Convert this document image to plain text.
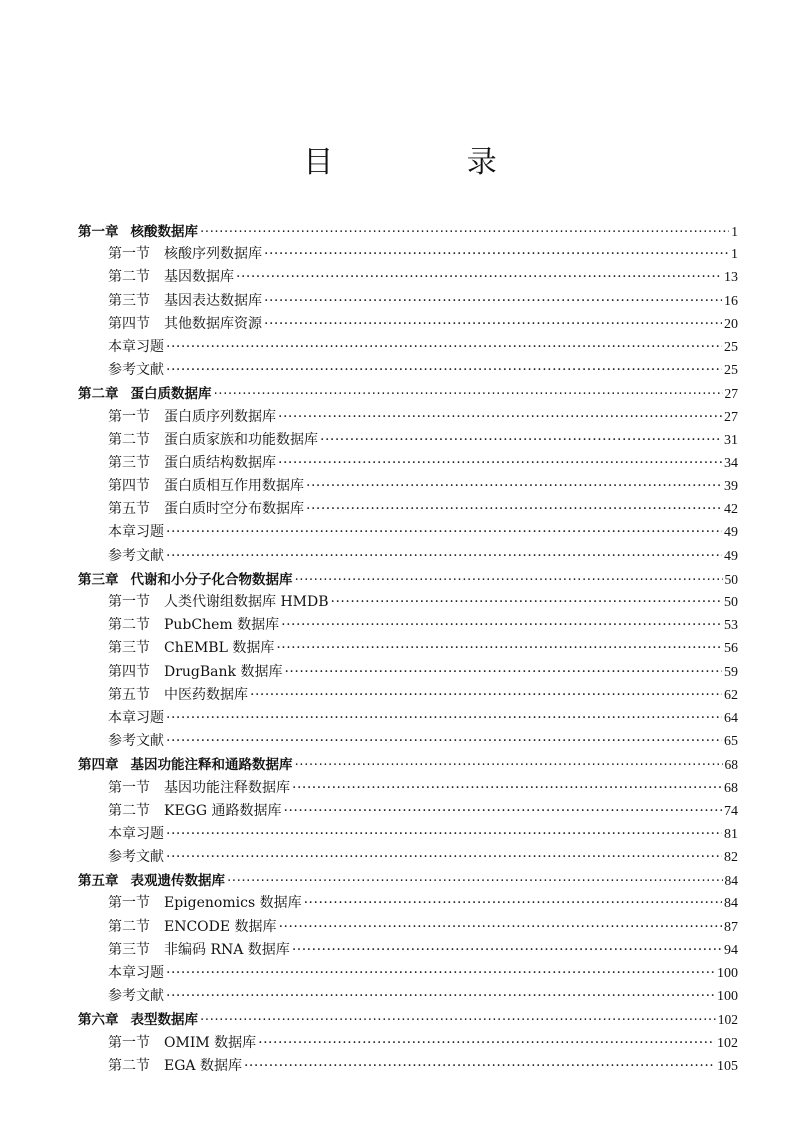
目 录
第一章 核酸数据库 ·····	1
第一节 核酸序列数据库 ·····	1
第二节 基因数据库 ·····	13
第三节 基因表达数据库 ·····	16
第四节 其他数据库资源 ·····	20
本章习题 ·····	25
参考文献 ·····	25
第二章 蛋白质数据库 ·····	27
第一节 蛋白质序列数据库 ·····	27
第二节 蛋白质家族和功能数据库 ·····	31
第三节 蛋白质结构数据库 ·····	34
第四节 蛋白质相互作用数据库 ·····	39
第五节 蛋白质时空分布数据库 ·····	42
本章习题 ·····	49
参考文献 ·····	49
第三章 代谢和小分子化合物数据库 ·····	50
第一节 人类代谢组数据库 HMDB ·····	50
第二节 PubChem 数据库 ·····	53
第三节 ChEMBL 数据库 ·····	56
第四节 DrugBank 数据库 ·····	59
第五节 中医药数据库 ·····	62
本章习题 ·····	64
参考文献 ·····	65
第四章 基因功能注释和通路数据库 ·····	68
第一节 基因功能注释数据库 ·····	68
第二节 KEGG 通路数据库 ·····	74
本章习题 ·····	81
参考文献 ·····	82
第五章 表观遗传数据库 ·····	84
第一节 Epigenomics 数据库 ·····	84
第二节 ENCODE 数据库 ·····	87
第三节 非编码 RNA 数据库 ·····	94
本章习题 ·····	100
参考文献 ·····	100
第六章 表型数据库 ·····	102
第一节 OMIM 数据库 ·····	102
第二节 EGA 数据库 ·····	105
